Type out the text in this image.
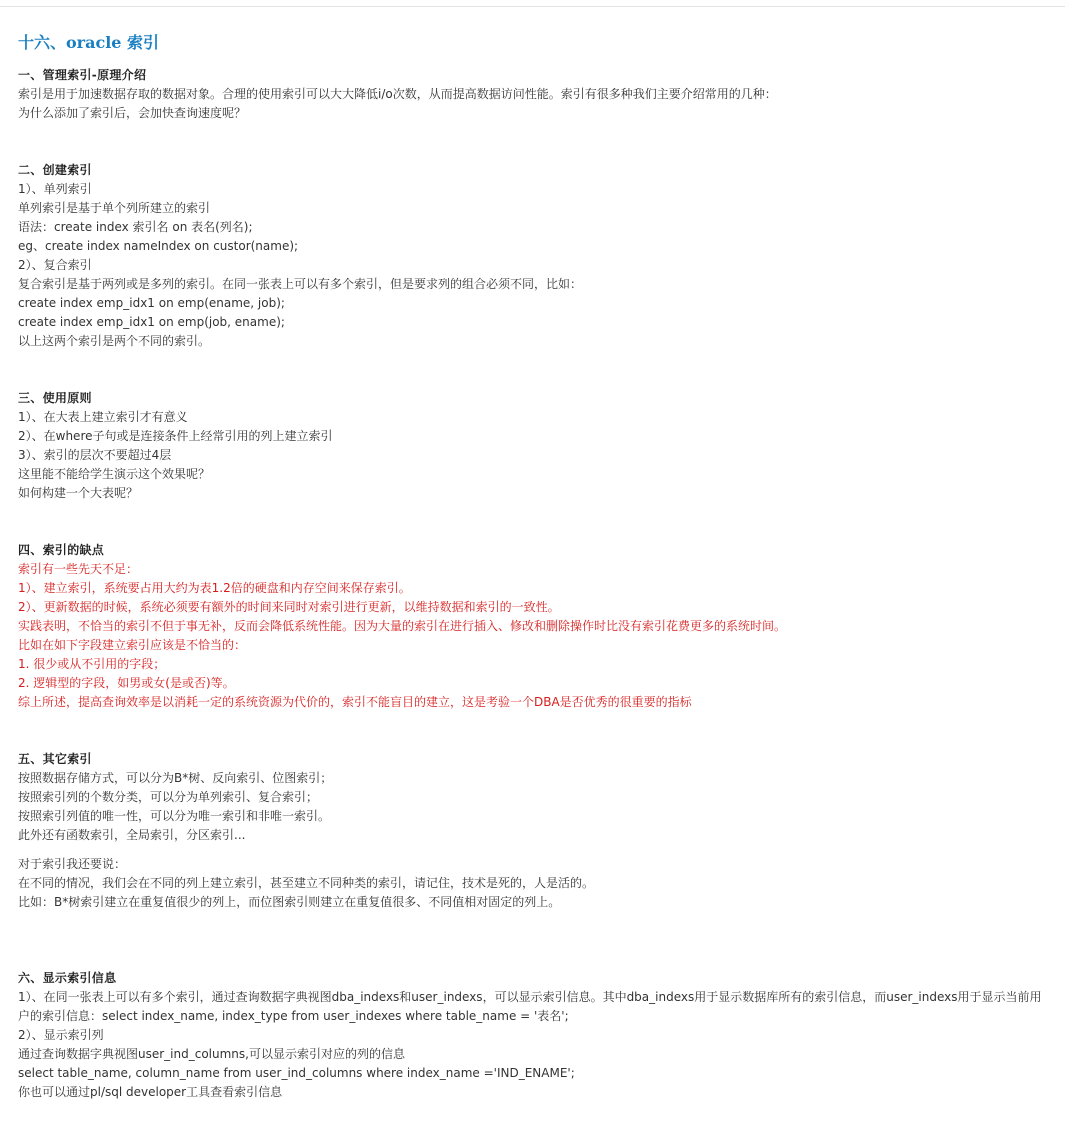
十六、oracle 索引
一、管理索引-原理介绍
索引是用于加速数据存取的数据对象。合理的使用索引可以大大降低i/o次数，从而提高数据访问性能。索引有很多种我们主要介绍常用的几种：
为什么添加了索引后，会加快查询速度呢？
二、创建索引
1）、单列索引
单列索引是基于单个列所建立的索引
语法：create index 索引名 on 表名(列名);
eg、create index nameIndex on custor(name);
2）、复合索引
复合索引是基于两列或是多列的索引。在同一张表上可以有多个索引，但是要求列的组合必须不同，比如：
create index emp_idx1 on emp(ename, job);
create index emp_idx1 on emp(job, ename);
以上这两个索引是两个不同的索引。
三、使用原则
1）、在大表上建立索引才有意义
2）、在where子句或是连接条件上经常引用的列上建立索引
3）、索引的层次不要超过4层
这里能不能给学生演示这个效果呢？
如何构建一个大表呢？
四、索引的缺点
索引有一些先天不足：
1）、建立索引，系统要占用大约为表1.2倍的硬盘和内存空间来保存索引。
2）、更新数据的时候，系统必须要有额外的时间来同时对索引进行更新，以维持数据和索引的一致性。
实践表明，不恰当的索引不但于事无补，反而会降低系统性能。因为大量的索引在进行插入、修改和删除操作时比没有索引花费更多的系统时间。
比如在如下字段建立索引应该是不恰当的：
1. 很少或从不引用的字段；
2. 逻辑型的字段，如男或女(是或否)等。
综上所述，提高查询效率是以消耗一定的系统资源为代价的，索引不能盲目的建立，这是考验一个DBA是否优秀的很重要的指标
五、其它索引
按照数据存储方式，可以分为B*树、反向索引、位图索引；
按照索引列的个数分类，可以分为单列索引、复合索引；
按照索引列值的唯一性，可以分为唯一索引和非唯一索引。
此外还有函数索引，全局索引，分区索引...
对于索引我还要说：
在不同的情况，我们会在不同的列上建立索引，甚至建立不同种类的索引，请记住，技术是死的，人是活的。
比如：B*树索引建立在重复值很少的列上，而位图索引则建立在重复值很多、不同值相对固定的列上。
六、显示索引信息
1）、在同一张表上可以有多个索引，通过查询数据字典视图dba_indexs和user_indexs，可以显示索引信息。其中dba_indexs用于显示数据库所有的索引信息，而user_indexs用于显示当前用户的索引信息：select index_name, index_type from user_indexes where table_name = '表名';
2）、显示索引列
通过查询数据字典视图user_ind_columns,可以显示索引对应的列的信息
select table_name, column_name from user_ind_columns where index_name ='IND_ENAME';
你也可以通过pl/sql developer工具查看索引信息
